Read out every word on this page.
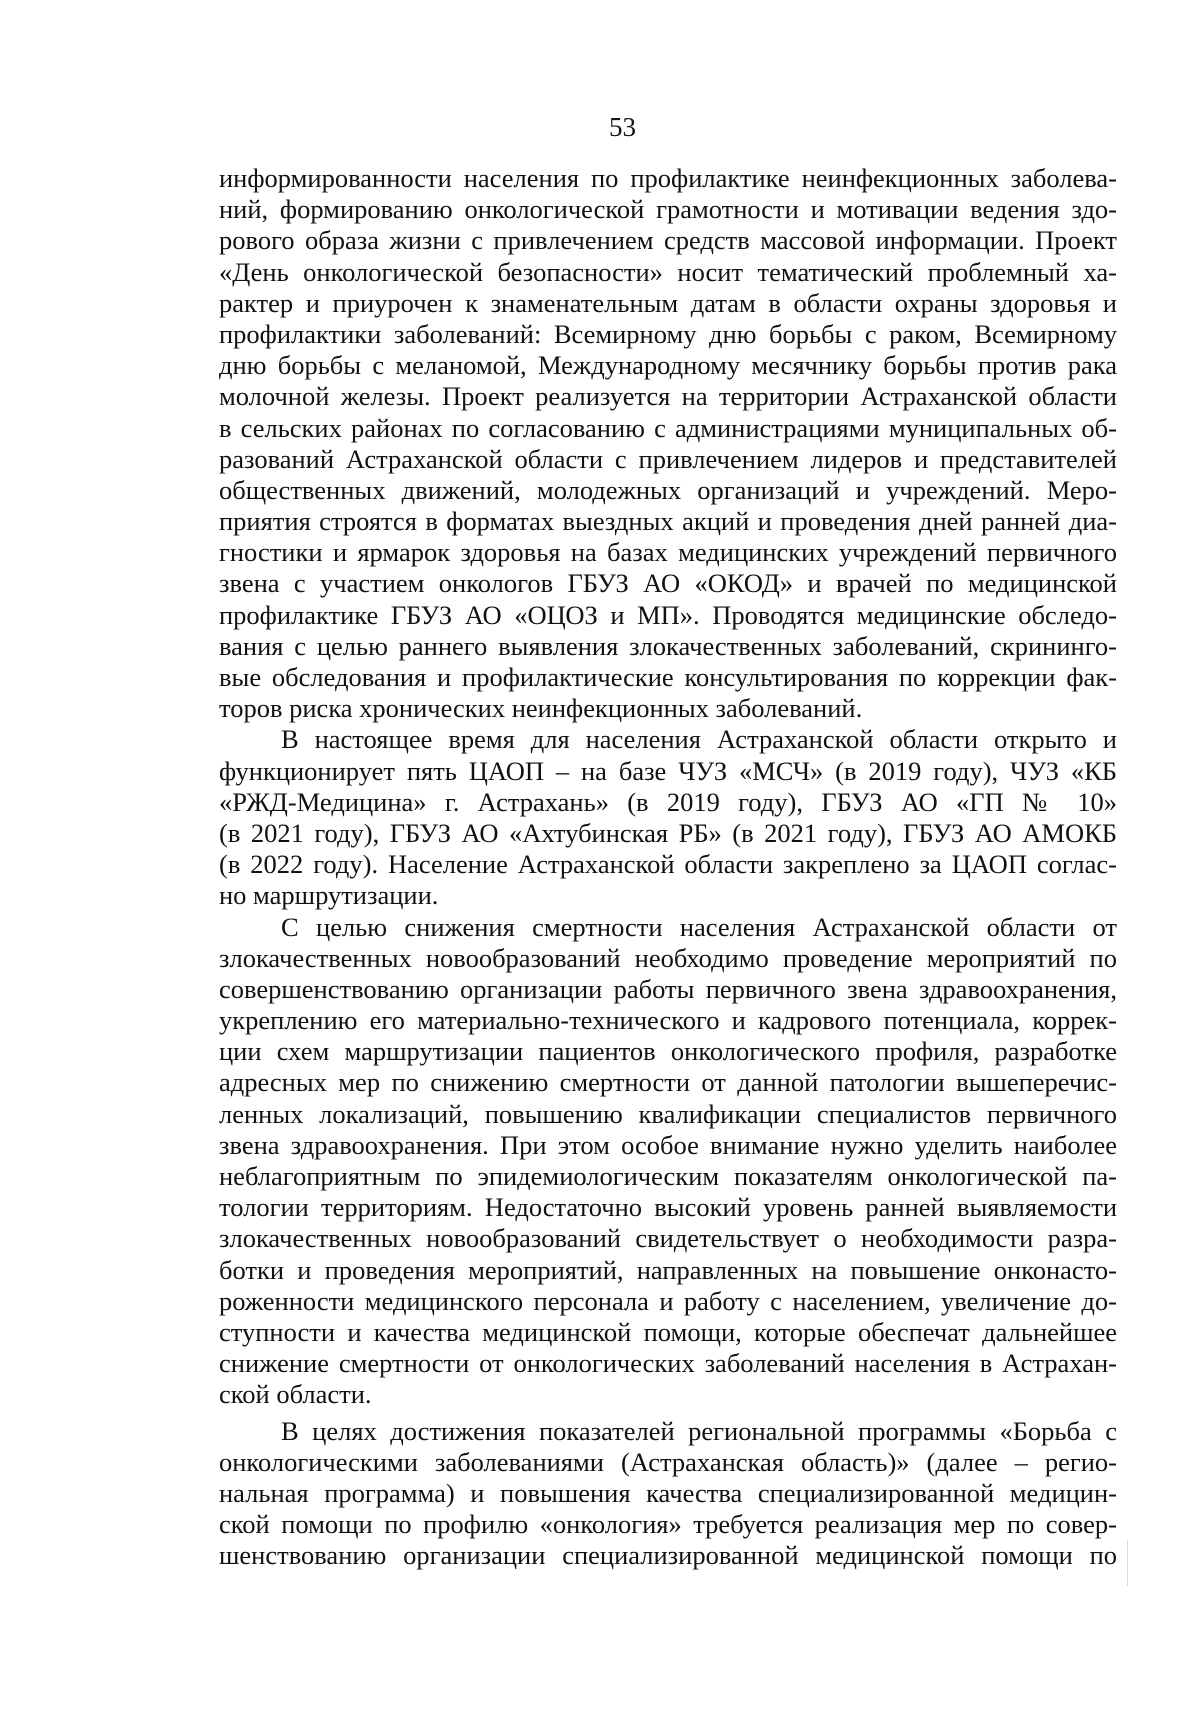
53
информированности населения по профилактике неинфекционных заболева-
ний, формированию онкологической грамотности и мотивации ведения здо-
рового образа жизни с привлечением средств массовой информации. Проект
«День онкологической безопасности» носит тематический проблемный ха-
рактер и приурочен к знаменательным датам в области охраны здоровья и
профилактики заболеваний: Всемирному дню борьбы с раком, Всемирному
дню борьбы с меланомой, Международному месячнику борьбы против рака
молочной железы. Проект реализуется на территории Астраханской области
в сельских районах по согласованию с администрациями муниципальных об-
разований Астраханской области с привлечением лидеров и представителей
общественных движений, молодежных организаций и учреждений. Меро-
приятия строятся в форматах выездных акций и проведения дней ранней диа-
гностики и ярмарок здоровья на базах медицинских учреждений первичного
звена с участием онкологов ГБУЗ АО «ОКОД» и врачей по медицинской
профилактике ГБУЗ АО «ОЦОЗ и МП». Проводятся медицинские обследо-
вания с целью раннего выявления злокачественных заболеваний, скрининго-
вые обследования и профилактические консультирования по коррекции фак-
торов риска хронических неинфекционных заболеваний.
В настоящее время для населения Астраханской области открыто и
функционирует пять ЦАОП – на базе ЧУЗ «МСЧ» (в 2019 году), ЧУЗ «КБ
«РЖД-Медицина» г. Астрахань» (в 2019 году), ГБУЗ АО «ГП № 10»
(в 2021 году), ГБУЗ АО «Ахтубинская РБ» (в 2021 году), ГБУЗ АО АМОКБ
(в 2022 году). Население Астраханской области закреплено за ЦАОП соглас-
но маршрутизации.
С целью снижения смертности населения Астраханской области от
злокачественных новообразований необходимо проведение мероприятий по
совершенствованию организации работы первичного звена здравоохранения,
укреплению его материально-технического и кадрового потенциала, коррек-
ции схем маршрутизации пациентов онкологического профиля, разработке
адресных мер по снижению смертности от данной патологии вышеперечис-
ленных локализаций, повышению квалификации специалистов первичного
звена здравоохранения. При этом особое внимание нужно уделить наиболее
неблагоприятным по эпидемиологическим показателям онкологической па-
тологии территориям. Недостаточно высокий уровень ранней выявляемости
злокачественных новообразований свидетельствует о необходимости разра-
ботки и проведения мероприятий, направленных на повышение онконасто-
роженности медицинского персонала и работу с населением, увеличение до-
ступности и качества медицинской помощи, которые обеспечат дальнейшее
снижение смертности от онкологических заболеваний населения в Астрахан-
ской области.
В целях достижения показателей региональной программы «Борьба с
онкологическими заболеваниями (Астраханская область)» (далее – регио-
нальная программа) и повышения качества специализированной медицин-
ской помощи по профилю «онкология» требуется реализация мер по совер-
шенствованию организации специализированной медицинской помощи по
